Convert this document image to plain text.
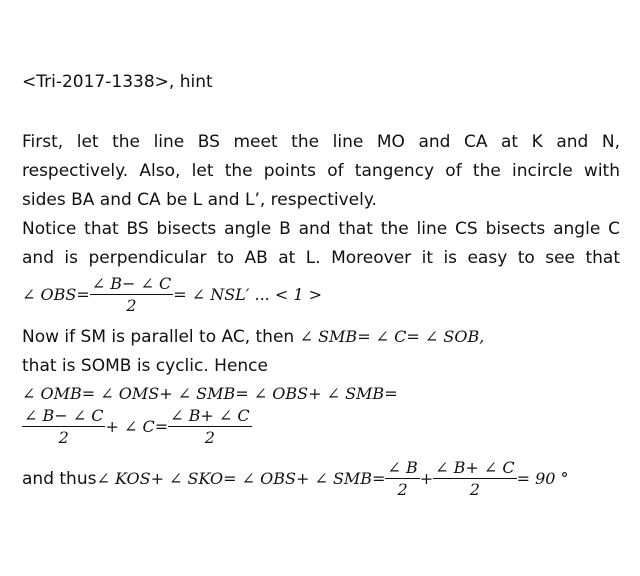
<Tri-2017-1338>, hint
First, let the line BS meet the line MO and CA at K and N,
respectively. Also, let the points of tangency of the incircle with
sides BA and CA be L and L’, respectively.
Notice that BS bisects angle B and that the line CS bisects angle C
and is perpendicular to AB at L. Moreover it is easy to see that
∠ $OBS= \frac{\angle B- \angle C}{2}$ = ∠ NSL′ ... < 1 >
Now if SM is parallel to AC, then ∠ SMB= ∠ C= ∠ SOB,
that is SOMB is cyclic. Hence
∠ OMB= ∠ OMS+ ∠ SMB= ∠ OBS+ ∠ SMB=
$\frac{\angle B- \angle C}{2}$ + ∠ $C= \frac{\angle B+ \angle C}{2}$
and thus∠ KOS+ ∠ SKO= ∠ OBS+ ∠ $SMB= \frac{\angle B}{2} + \frac{\angle B+ \angle C}{2} = 90$ °
